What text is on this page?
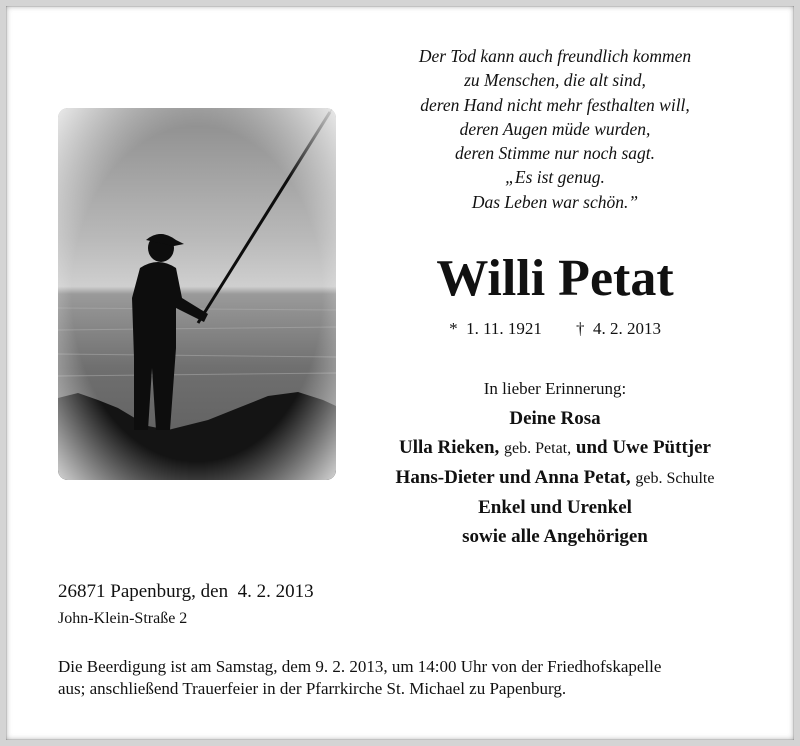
Der Tod kann auch freundlich kommen
zu Menschen, die alt sind,
deren Hand nicht mehr festhalten will,
deren Augen müde wurden,
deren Stimme nur noch sagt.
„Es ist genug.
Das Leben war schön.”
Willi Petat
*  1. 11. 1921 †  4. 2. 2013
In lieber Erinnerung:
Deine Rosa
Ulla Rieken, geb. Petat, und Uwe Püttjer
Hans-Dieter und Anna Petat, geb. Schulte
Enkel und Urenkel
sowie alle Angehörigen
26871 Papenburg, den  4. 2. 2013
John-Klein-Straße 2
Die Beerdigung ist am Samstag, dem 9. 2. 2013, um 14:00 Uhr von der Friedhofskapelle
aus; anschließend Trauerfeier in der Pfarrkirche St. Michael zu Papenburg.
